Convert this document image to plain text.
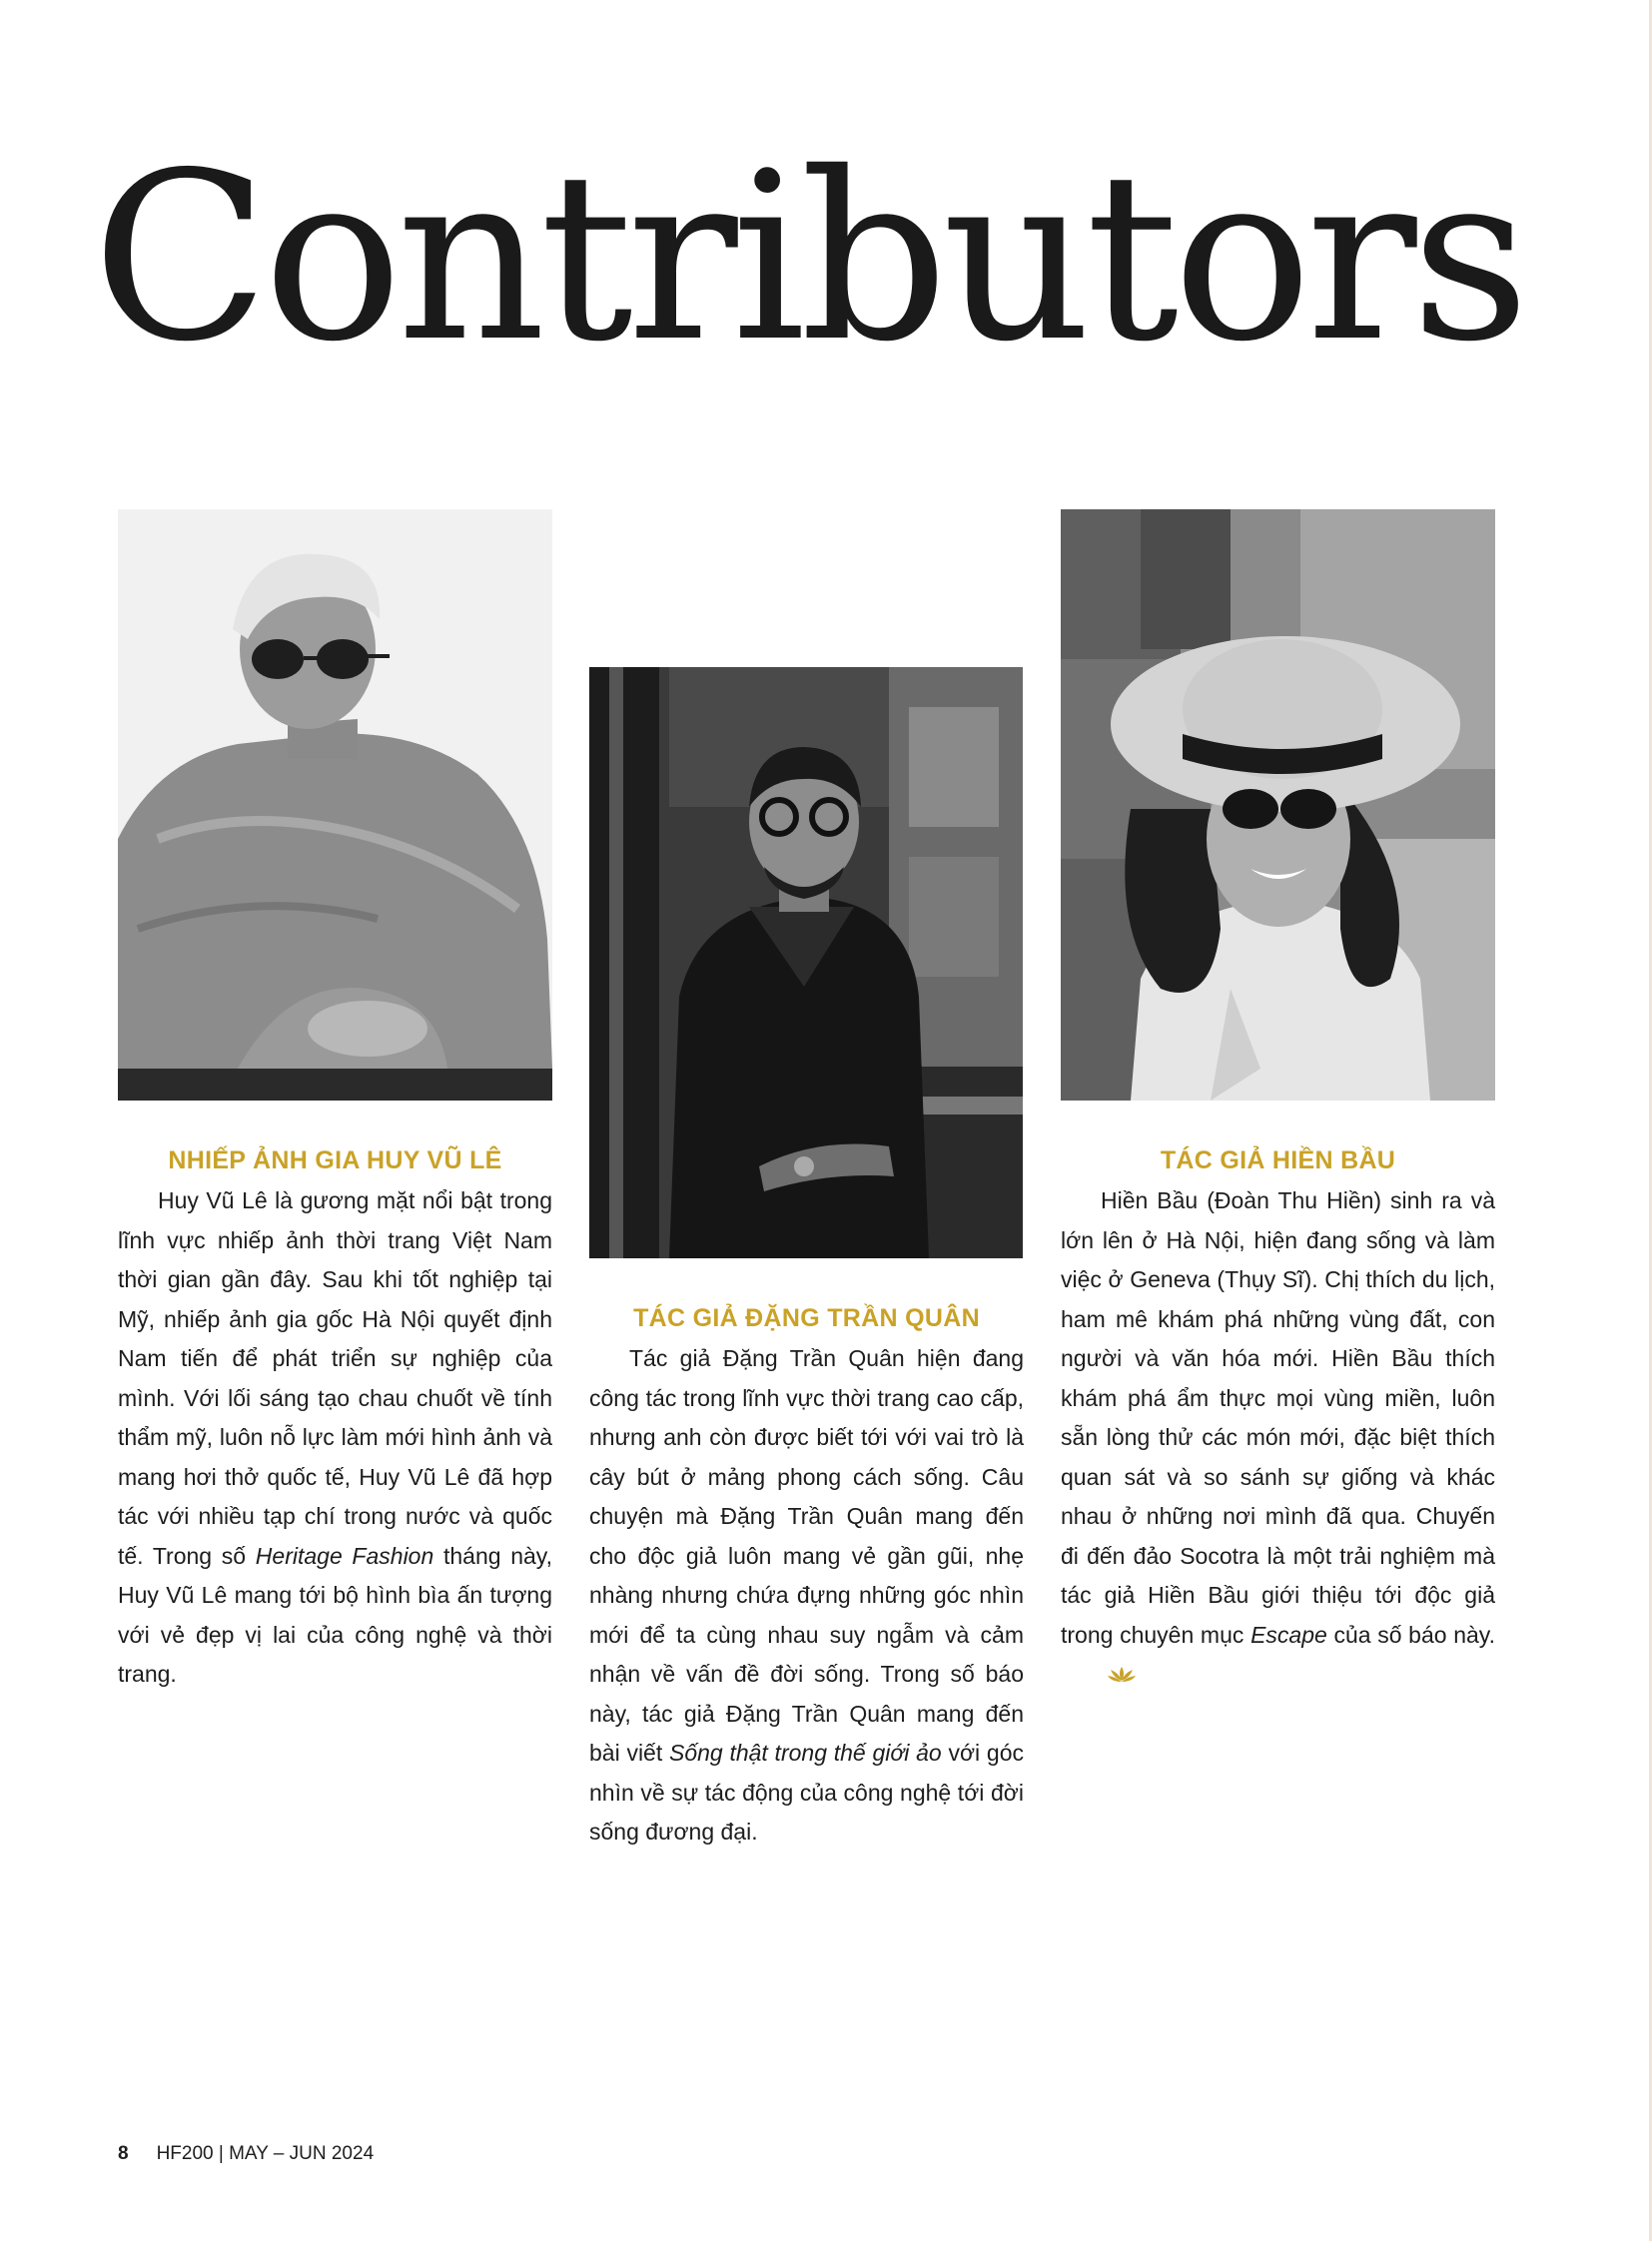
Contributors
NHIẾP ẢNH GIA HUY VŨ LÊ

Huy Vũ Lê là gương mặt nổi bật trong lĩnh vực nhiếp ảnh thời trang Việt Nam thời gian gần đây. Sau khi tốt nghiệp tại Mỹ, nhiếp ảnh gia gốc Hà Nội quyết định Nam tiến để phát triển sự nghiệp của mình. Với lối sáng tạo chau chuốt về tính thẩm mỹ, luôn nỗ lực làm mới hình ảnh và mang hơi thở quốc tế, Huy Vũ Lê đã hợp tác với nhiều tạp chí trong nước và quốc tế. Trong số Heritage Fashion tháng này, Huy Vũ Lê mang tới bộ hình bìa ấn tượng với vẻ đẹp vị lai của công nghệ và thời trang.

TÁC GIẢ ĐẶNG TRẦN QUÂN

Tác giả Đặng Trần Quân hiện đang công tác trong lĩnh vực thời trang cao cấp, nhưng anh còn được biết tới với vai trò là cây bút ở mảng phong cách sống. Câu chuyện mà Đặng Trần Quân mang đến cho độc giả luôn mang vẻ gần gũi, nhẹ nhàng nhưng chứa đựng những góc nhìn mới để ta cùng nhau suy ngẫm và cảm nhận về vấn đề đời sống. Trong số báo này, tác giả Đặng Trần Quân mang đến bài viết Sống thật trong thế giới ảo với góc nhìn về sự tác động của công nghệ tới đời sống đương đại.

TÁC GIẢ HIỀN BẦU

Hiền Bầu (Đoàn Thu Hiền) sinh ra và lớn lên ở Hà Nội, hiện đang sống và làm việc ở Geneva (Thụy Sĩ). Chị thích du lịch, ham mê khám phá những vùng đất, con người và văn hóa mới. Hiền Bầu thích khám phá ẩm thực mọi vùng miền, luôn sẵn lòng thử các món mới, đặc biệt thích quan sát và so sánh sự giống và khác nhau ở những nơi mình đã qua. Chuyến đi đến đảo Socotra là một trải nghiệm mà tác giả Hiền Bầu giới thiệu tới độc giả trong chuyên mục Escape của số báo này.

8 HF200 | MAY – JUN 2024
